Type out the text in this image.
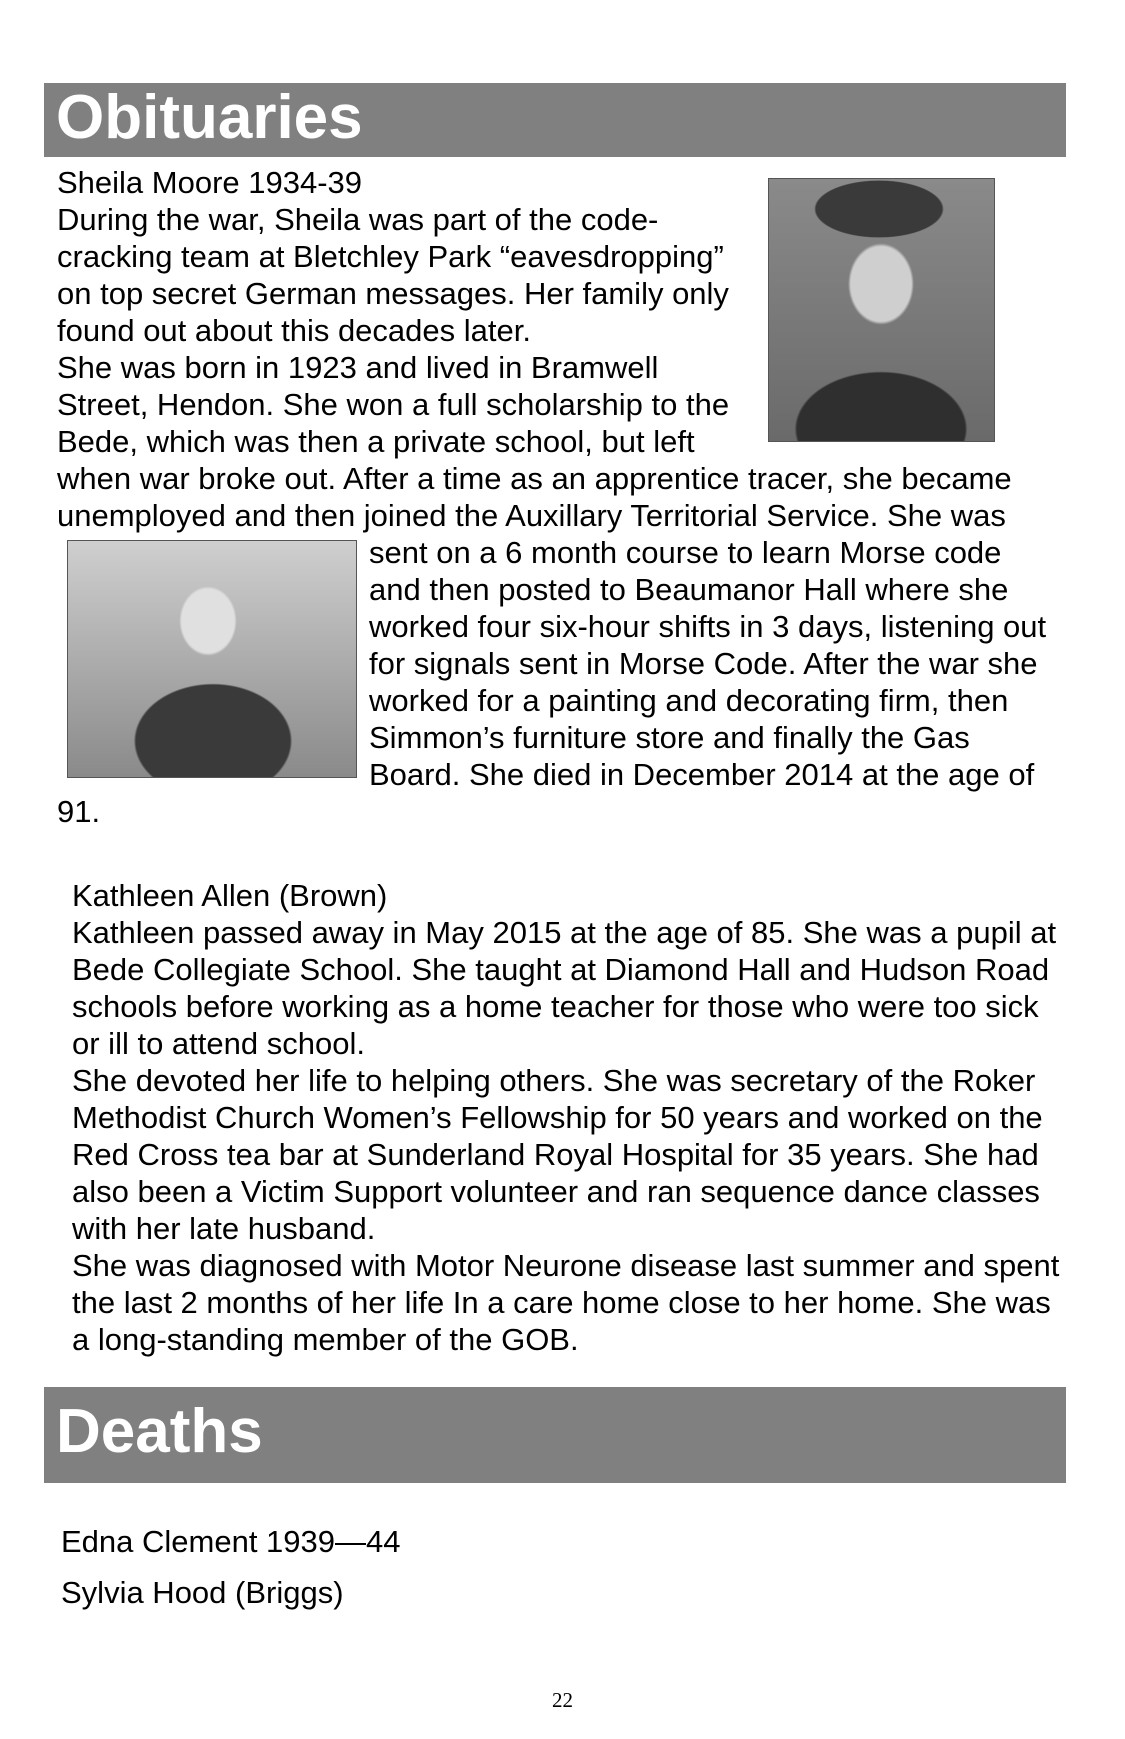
Obituaries

Sheila Moore 1934-39

During the war, Sheila was part of the code-cracking team at Bletchley Park “eavesdropping” on top secret German messages. Her family only found out about this decades later.

She was born in 1923 and lived in Bramwell Street, Hendon. She won a full scholarship to the Bede, which was then a private school, but left when war broke out. After a time as an apprentice tracer, she became unemployed and then joined the Auxillary Territorial Service. She was sent on a 6 month course to learn Morse code
and then posted to Beaumanor Hall where she worked four six-hour shifts in 3 days, listening out for signals sent in Morse Code. After the war she worked for a painting and decorating firm, then Simmon’s furniture store and finally the Gas Board. She died in December 2014 at the age of 91.

Kathleen Allen (Brown)

Kathleen passed away in May 2015 at the age of 85. She was a pupil at Bede Collegiate School. She taught at Diamond Hall and Hudson Road schools before working as a home teacher for those who were too sick or ill to attend school.

She devoted her life to helping others. She was secretary of the Roker Methodist Church Women’s Fellowship for 50 years and worked on the Red Cross tea bar at Sunderland Royal Hospital for 35 years. She had also been a Victim Support volunteer and ran sequence dance classes with her late husband.

She was diagnosed with Motor Neurone disease last summer and spent the last 2 months of her life In a care home close to her home. She was a long-standing member of the GOB.

Deaths

Edna Clement 1939—44

Sylvia Hood (Briggs)

22
